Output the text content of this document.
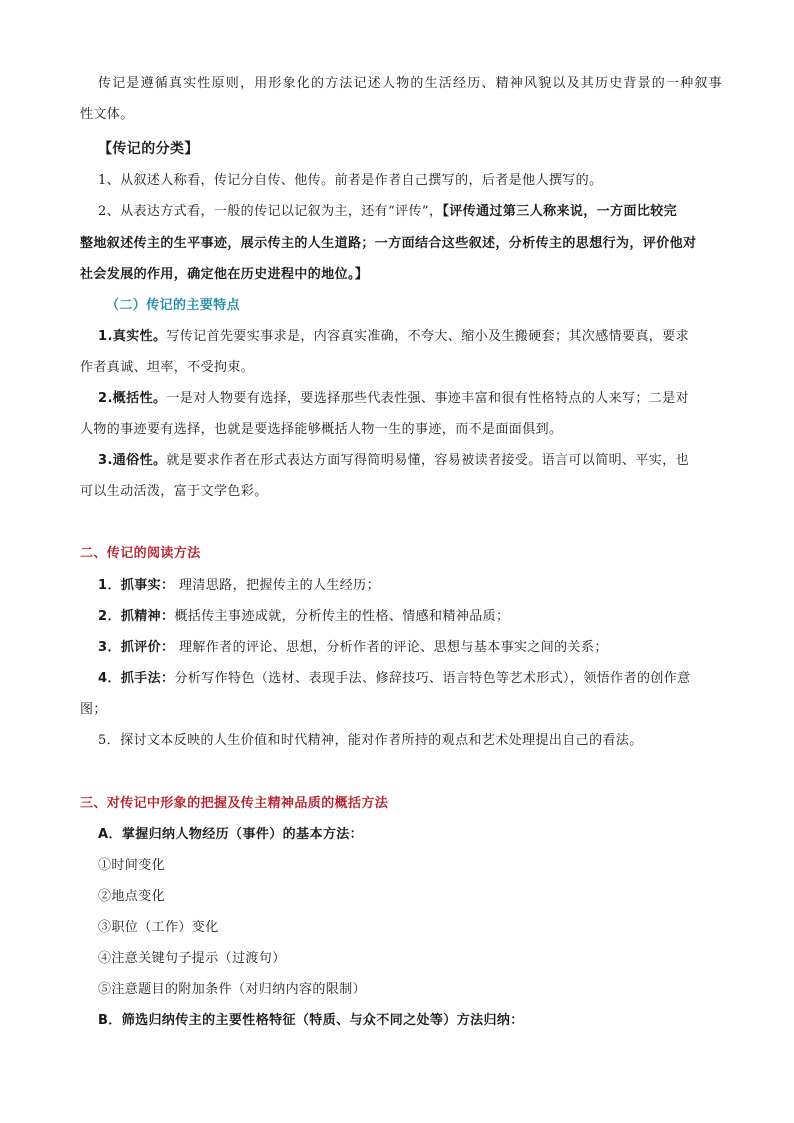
传记是遵循真实性原则，用形象化的方法记述人物的生活经历、精神风貌以及其历史背景的一种叙事
性文体。
【传记的分类】
1、从叙述人称看，传记分自传、他传。前者是作者自己撰写的，后者是他人撰写的。
2、从表达方式看，一般的传记以记叙为主，还有“评传”，【评传通过第三人称来说，一方面比较完
整地叙述传主的生平事迹，展示传主的人生道路；一方面结合这些叙述，分析传主的思想行为，评价他对
社会发展的作用，确定他在历史进程中的地位。】
（二）传记的主要特点
1.真实性。写传记首先要实事求是，内容真实准确，不夸大、缩小及生搬硬套；其次感情要真，要求
作者真诚、坦率，不受拘束。
2.概括性。一是对人物要有选择，要选择那些代表性强、事迹丰富和很有性格特点的人来写；二是对
人物的事迹要有选择，也就是要选择能够概括人物一生的事迹，而不是面面俱到。
3.通俗性。就是要求作者在形式表达方面写得简明易懂，容易被读者接受。语言可以简明、平实，也
可以生动活泼，富于文学色彩。
二、传记的阅读方法
1．抓事实： 理清思路，把握传主的人生经历；
2．抓精神：概括传主事迹成就，分析传主的性格、情感和精神品质；
3．抓评价： 理解作者的评论、思想，分析作者的评论、思想与基本事实之间的关系；
4．抓手法：分析写作特色（选材、表现手法、修辞技巧、语言特色等艺术形式），领悟作者的创作意
图；
5．探讨文本反映的人生价值和时代精神，能对作者所持的观点和艺术处理提出自己的看法。
三、对传记中形象的把握及传主精神品质的概括方法
A．掌握归纳人物经历（事件）的基本方法：
①时间变化
②地点变化
③职位（工作）变化
④注意关键句子提示（过渡句）
⑤注意题目的附加条件（对归纳内容的限制）
B．筛选归纳传主的主要性格特征（特质、与众不同之处等）方法归纳：
